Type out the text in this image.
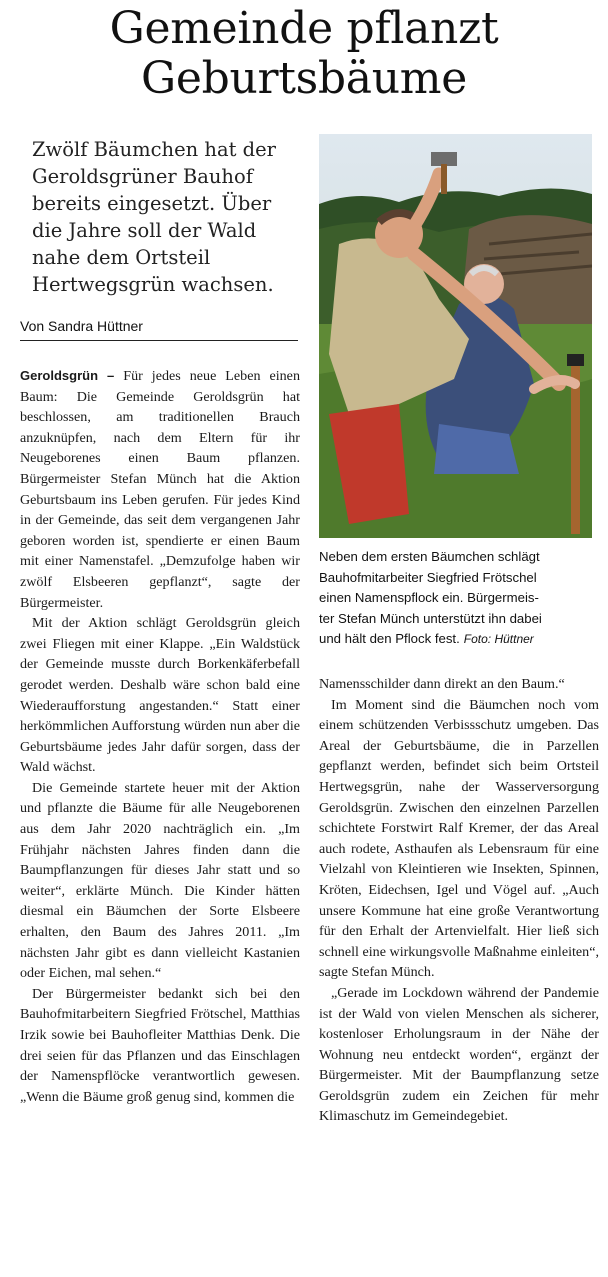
Gemeinde pflanzt
Geburtsbäume
Zwölf Bäumchen hat der
Geroldsgrüner Bauhof
bereits eingesetzt. Über
die Jahre soll der Wald
nahe dem Ortsteil
Hertwegsgrün wachsen.
Von Sandra Hüttner
Neben dem ersten Bäumchen schlägt
Bauhofmitarbeiter Siegfried Frötschel
einen Namenspflock ein. Bürgermeis-
ter Stefan Münch unterstützt ihn dabei
und hält den Pflock fest. Foto: Hüttner

Geroldsgrün – Für jedes neue Leben einen Baum: Die Gemeinde Geroldsgrün hat beschlossen, am traditionellen Brauch anzuknüpfen, nach dem Eltern für ihr Neugeborenes einen Baum pflanzen. Bürgermeister Stefan Münch hat die Aktion Geburtsbaum ins Leben gerufen. Für jedes Kind in der Gemeinde, das seit dem vergangenen Jahr geboren worden ist, spendierte er einen Baum mit einer Namenstafel. „Demzufolge haben wir zwölf Elsbeeren gepflanzt“, sagte der Bürgermeister.

Mit der Aktion schlägt Geroldsgrün gleich zwei Fliegen mit einer Klappe. „Ein Waldstück der Gemeinde musste durch Borkenkäferbefall gerodet werden. Deshalb wäre schon bald eine Wiederaufforstung angestanden.“ Statt einer herkömmlichen Aufforstung würden nun aber die Geburtsbäume jedes Jahr dafür sorgen, dass der Wald wächst.

Die Gemeinde startete heuer mit der Aktion und pflanzte die Bäume für alle Neugeborenen aus dem Jahr 2020 nachträglich ein. „Im Frühjahr nächsten Jahres finden dann die Baumpflanzungen für dieses Jahr statt und so weiter“, erklärte Münch. Die Kinder hätten diesmal ein Bäumchen der Sorte Elsbeere erhalten, den Baum des Jahres 2011. „Im nächsten Jahr gibt es dann vielleicht Kastanien oder Eichen, mal sehen.“

Der Bürgermeister bedankt sich bei den Bauhofmitarbeitern Siegfried Frötschel, Matthias Irzik sowie bei Bauhofleiter Matthias Denk. Die drei seien für das Pflanzen und das Einschlagen der Namenspflöcke verantwortlich gewesen. „Wenn die Bäume groß genug sind, kommen die

Namensschilder dann direkt an den Baum.“

Im Moment sind die Bäumchen noch vom einem schützenden Verbissschutz umgeben. Das Areal der Geburtsbäume, die in Parzellen gepflanzt werden, befindet sich beim Ortsteil Hertwegsgrün, nahe der Wasserversorgung Geroldsgrün. Zwischen den einzelnen Parzellen schichtete Forstwirt Ralf Kremer, der das Areal auch rodete, Asthaufen als Lebensraum für eine Vielzahl von Kleintieren wie Insekten, Spinnen, Kröten, Eidechsen, Igel und Vögel auf. „Auch unsere Kommune hat eine große Verantwortung für den Erhalt der Artenvielfalt. Hier ließ sich schnell eine wirkungsvolle Maßnahme einleiten“, sagte Stefan Münch.

„Gerade im Lockdown während der Pandemie ist der Wald von vielen Menschen als sicherer, kostenloser Erholungsraum in der Nähe der Wohnung neu entdeckt worden“, ergänzt der Bürgermeister. Mit der Baumpflanzung setze Geroldsgrün zudem ein Zeichen für mehr Klimaschutz im Gemeindegebiet.
